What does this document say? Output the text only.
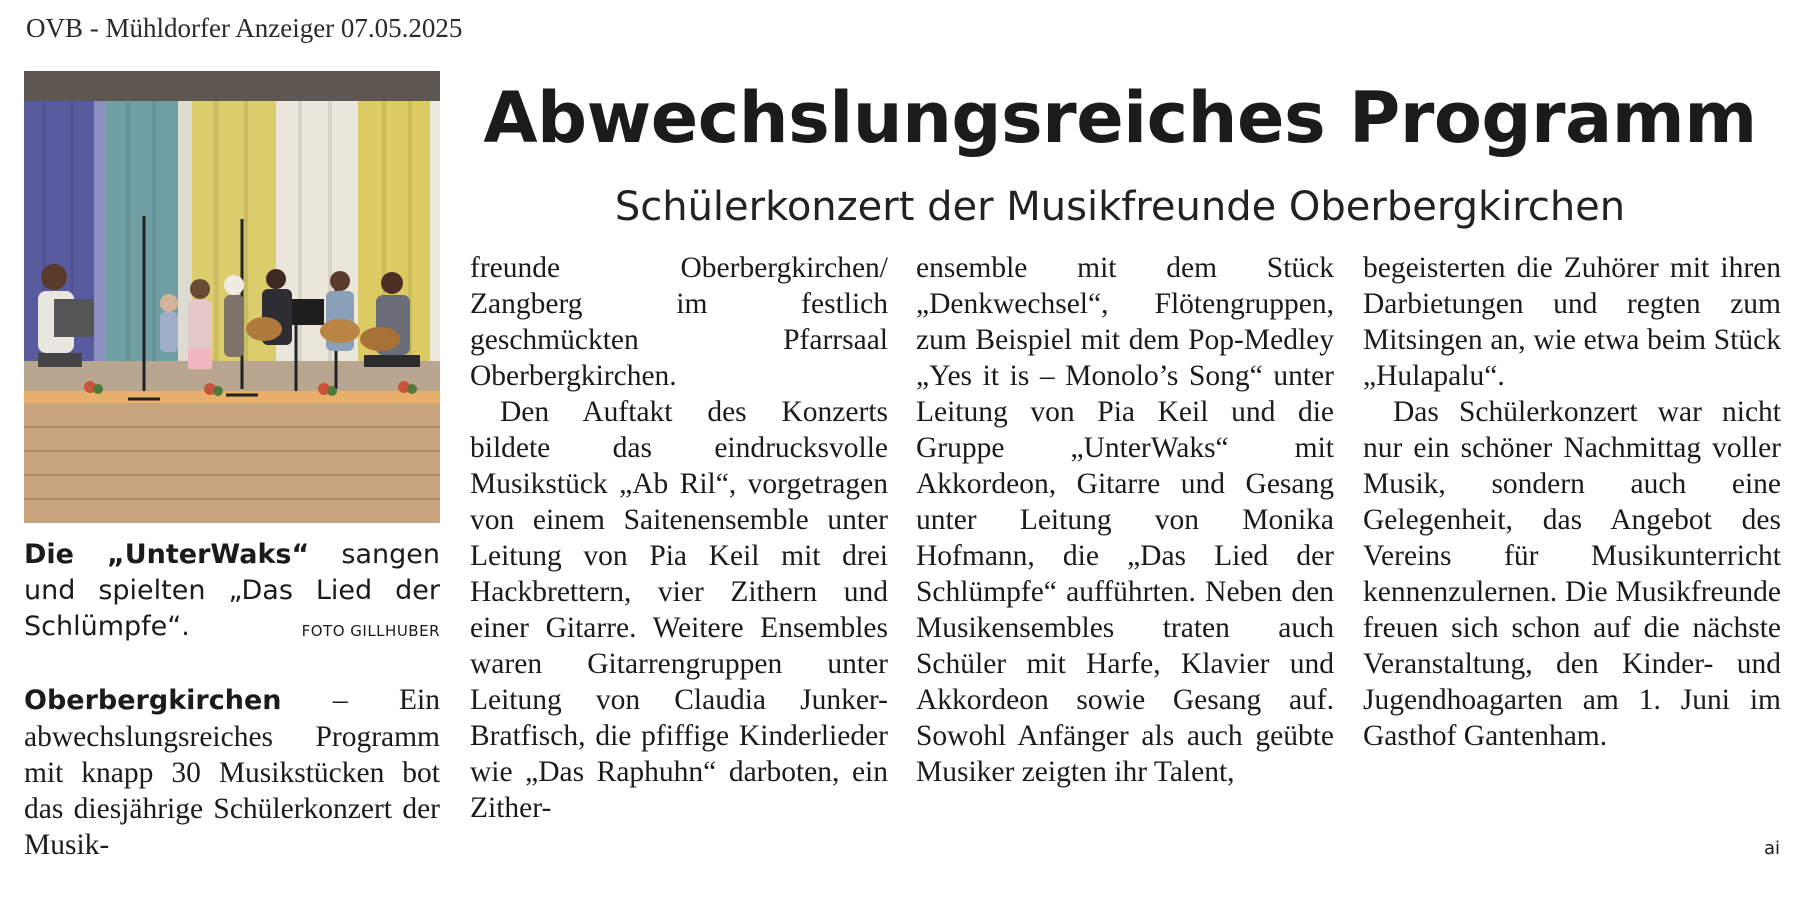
OVB - Mühldorfer Anzeiger 07.05.2025
Die „UnterWaks“ sangen und spielten „Das Lied der Schlümpfe“.	FOTO GILLHUBER
Abwechslungsreiches Programm
Schülerkonzert der Musikfreunde Oberbergkirchen

Oberbergkirchen – Ein abwechslungsreiches Programm mit knapp 30 Musikstücken bot das diesjährige Schülerkonzert der Musik-

freunde Oberbergkirchen/ Zangberg im festlich geschmückten Pfarrsaal Oberbergkirchen.

Den Auftakt des Konzerts bildete das eindrucksvolle Musikstück „Ab Ril“, vorgetragen von einem Saitenensemble unter Leitung von Pia Keil mit drei Hackbrettern, vier Zithern und einer Gitarre. Weitere Ensembles waren Gitarrengruppen unter Leitung von Claudia Junker-Bratfisch, die pfiffige Kinderlieder wie „Das Raphuhn“ darboten, ein Zither-

ensemble mit dem Stück „Denkwechsel“, Flötengruppen, zum Beispiel mit dem Pop-Medley „Yes it is – Monolo’s Song“ unter Leitung von Pia Keil und die Gruppe „UnterWaks“ mit Akkordeon, Gitarre und Gesang unter Leitung von Monika Hofmann, die „Das Lied der Schlümpfe“ aufführten. Neben den Musikensembles traten auch Schüler mit Harfe, Klavier und Akkordeon sowie Gesang auf. Sowohl Anfänger als auch geübte Musiker zeigten ihr Talent,

begeisterten die Zuhörer mit ihren Darbietungen und regten zum Mitsingen an, wie etwa beim Stück „Hulapalu“.

Das Schülerkonzert war nicht nur ein schöner Nachmittag voller Musik, sondern auch eine Gelegenheit, das Angebot des Vereins für Musikunterricht kennenzulernen. Die Musikfreunde freuen sich schon auf die nächste Veranstaltung, den Kinder- und Jugendhoagarten am 1. Juni im Gasthof Gantenham.

ai
